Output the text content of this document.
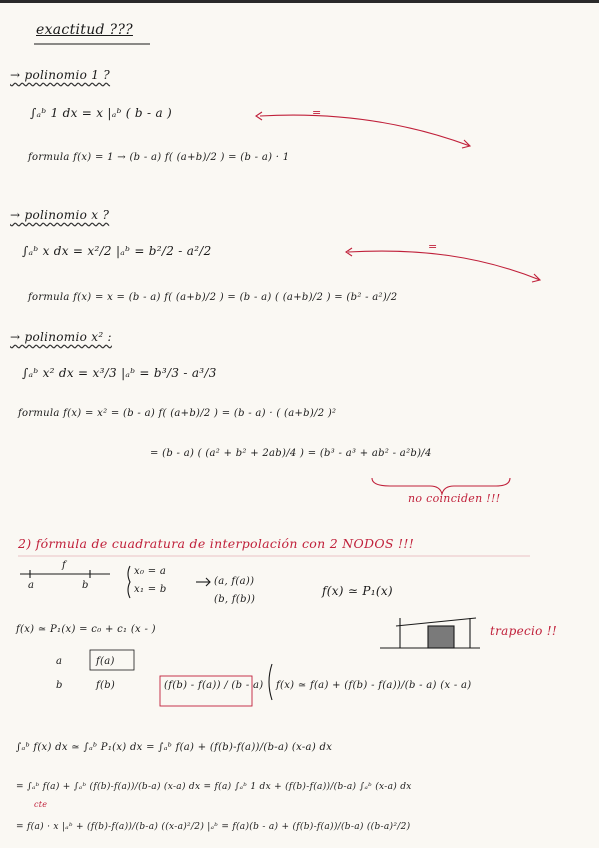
exactitud ???
→ polinomio 1 ?
∫ₐᵇ 1 dx = x |ₐᵇ ( b - a )
formula f(x) = 1 → (b - a) f( (a+b)/2 ) = (b - a) · 1
=
→ polinomio x ?
∫ₐᵇ x dx = x²/2 |ₐᵇ = b²/2 - a²/2
formula f(x) = x = (b - a) f( (a+b)/2 ) = (b - a) ( (a+b)/2 ) = (b² - a²)/2
=
→ polinomio x² :
∫ₐᵇ x² dx = x³/3 |ₐᵇ = b³/3 - a³/3
formula f(x) = x² = (b - a) f( (a+b)/2 ) = (b - a) · ( (a+b)/2 )²
= (b - a) ( (a² + b² + 2ab)/4 ) = (b³ - a³ + ab² - a²b)/4
no coinciden !!!
2) fórmula de cuadratura de interpolación con 2 NODOS !!!
f
a	b
x₀ = a
x₁ = b
(a, f(a))
(b, f(b))
f(x) ≃ P₁(x)
f(x) ≃ P₁(x) = c₀ + c₁ (x - )	trapecio !!
a	f(a)
b	f(b)	(f(b) - f(a)) / (b - a) f(x) ≃ f(a) + (f(b) - f(a))/(b - a) (x - a)
∫ₐᵇ f(x) dx ≃ ∫ₐᵇ P₁(x) dx = ∫ₐᵇ f(a) + (f(b)-f(a))/(b-a) (x-a) dx
= ∫ₐᵇ f(a) + ∫ₐᵇ (f(b)-f(a))/(b-a) (x-a) dx = f(a) ∫ₐᵇ 1 dx + (f(b)-f(a))/(b-a) ∫ₐᵇ (x-a) dx
cte
= f(a) · x |ₐᵇ + (f(b)-f(a))/(b-a) ((x-a)²/2) |ₐᵇ = f(a)(b - a) + (f(b)-f(a))/(b-a) ((b-a)²/2)
